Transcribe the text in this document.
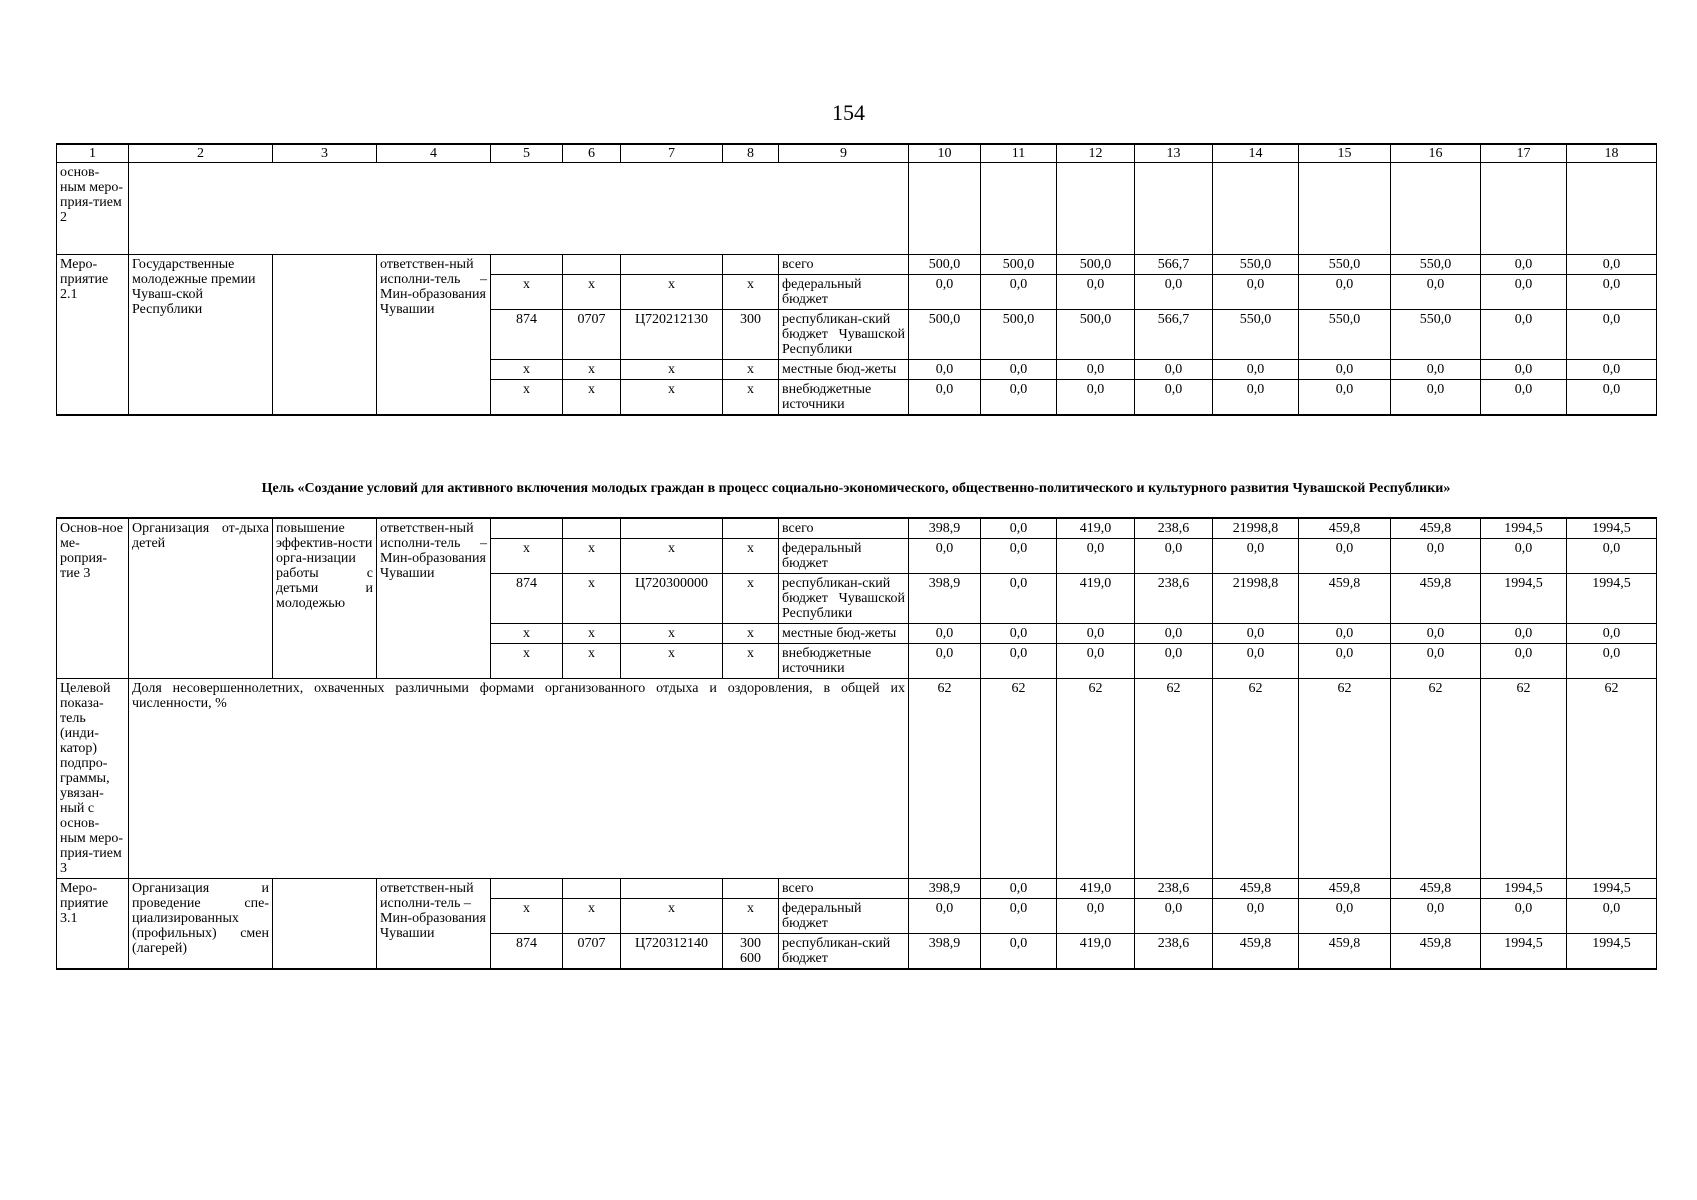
154
1	2	3	4	5	6	7	8	9	10	11	12	13	14	15	16	17	18
основ-ным меро-прия-тием 2																	
Меро-приятие 2.1	Государственные молодежные премии Чуваш-ской Республики		ответствен-ный исполни-тель – Мин-образования Чувашии					всего	500,0	500,0	500,0	566,7	550,0	550,0	550,0	0,0	0,0
				x	x	x	x	федеральный бюджет	0,0	0,0	0,0	0,0	0,0	0,0	0,0	0,0	0,0
				874	0707	Ц720212130	300	республикан-ский бюджет Чувашской Республики	500,0	500,0	500,0	566,7	550,0	550,0	550,0	0,0	0,0
				x	x	x	x	местные бюд-жеты	0,0	0,0	0,0	0,0	0,0	0,0	0,0	0,0	0,0
				x	x	x	x	внебюджетные источники	0,0	0,0	0,0	0,0	0,0	0,0	0,0	0,0	0,0
Цель «Создание условий для активного включения молодых граждан в процесс социально-экономического, общественно-политического и культурного развития Чувашской Республики»
Основ-ное ме-роприя-тие 3	Организация от-дыха детей	повышение эффектив-ности орга-низации работы с детьми и молодежью	ответствен-ный исполни-тель – Мин-образования Чувашии					всего	398,9	0,0	419,0	238,6	21998,8	459,8	459,8	1994,5	1994,5
				x	x	x	x	федеральный бюджет	0,0	0,0	0,0	0,0	0,0	0,0	0,0	0,0	0,0
				874	x	Ц720300000	x	республикан-ский бюджет Чувашской Республики	398,9	0,0	419,0	238,6	21998,8	459,8	459,8	1994,5	1994,5
				x	x	x	x	местные бюд-жеты	0,0	0,0	0,0	0,0	0,0	0,0	0,0	0,0	0,0
				x	x	x	x	внебюджетные источники	0,0	0,0	0,0	0,0	0,0	0,0	0,0	0,0	0,0
Целевой показа-тель (инди-катор) подпро-граммы, увязан-ный с основ-ным меро-прия-тием 3	Доля несовершеннолетних, охваченных различными формами организованного отдыха и оздоровления, в общей их численности, %								62	62	62	62	62	62	62	62	62
Меро-приятие 3.1	Организация и проведение спе-циализированных (профильных) смен (лагерей)		ответствен-ный исполни-тель – Мин-образования Чувашии					всего	398,9	0,0	419,0	238,6	459,8	459,8	459,8	1994,5	1994,5
				x	x	x	x	федеральный бюджет	0,0	0,0	0,0	0,0	0,0	0,0	0,0	0,0	0,0
				874	0707	Ц720312140	300 600	республикан-ский бюджет	398,9	0,0	419,0	238,6	459,8	459,8	459,8	1994,5	1994,5
